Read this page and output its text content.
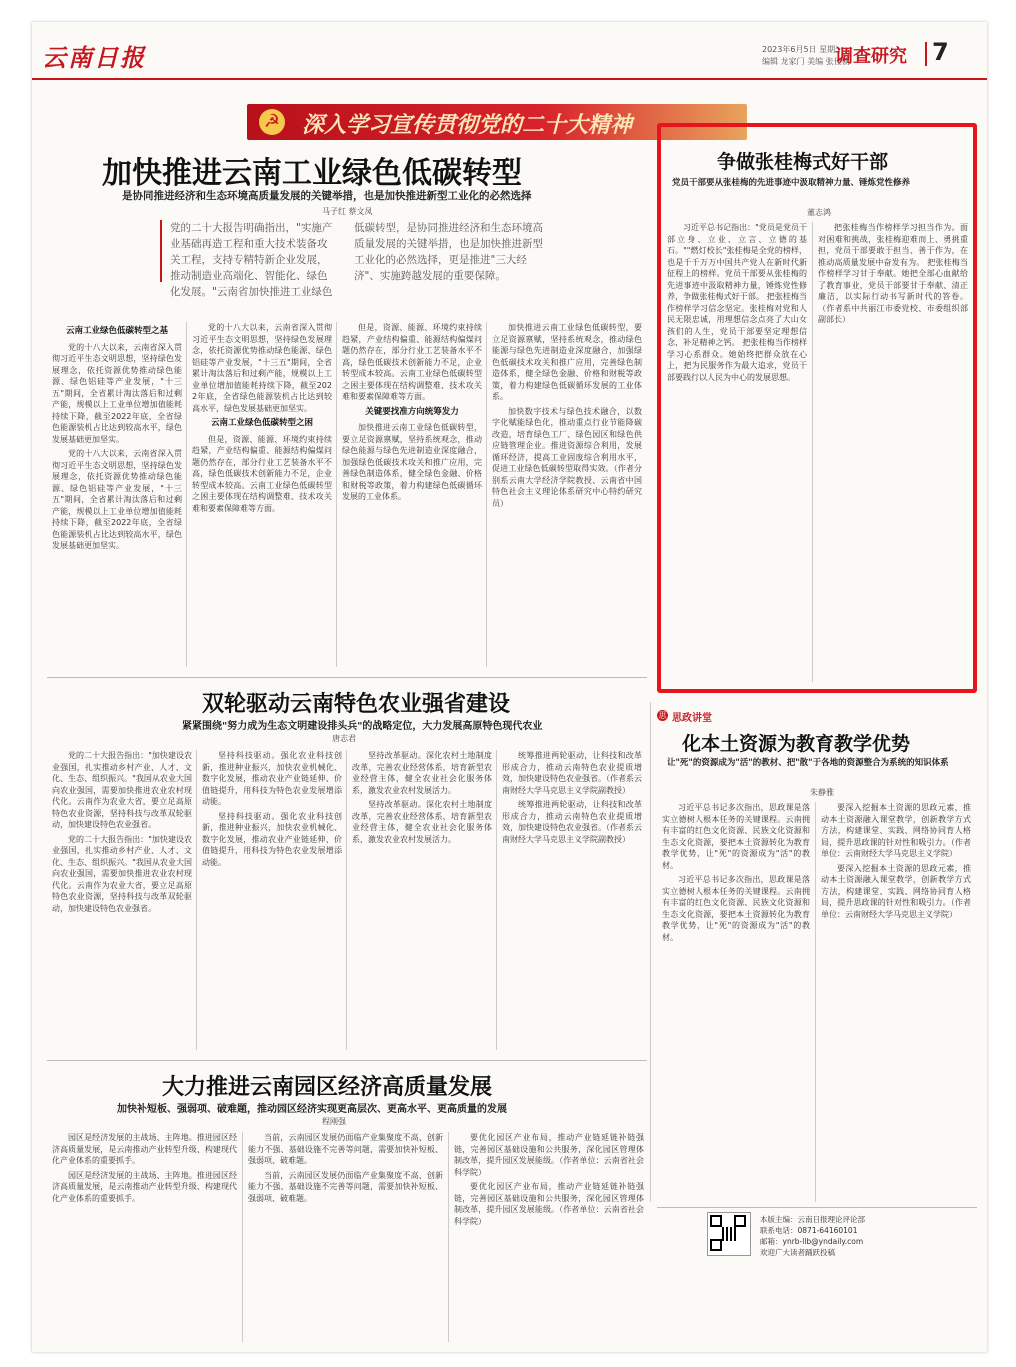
云南日报	2023年6月5日 星期一
编辑 龙家门 美编 张佳楠
调查研究 7
☭ 深入学习宣传贯彻党的二十大精神
加快推进云南工业绿色低碳转型
是协同推进经济和生态环境高质量发展的关键举措，也是加快推进新型工业化的必然选择
马子红 蔡文凤
党的二十大报告明确指出，"实施产业基础再造工程和重大技术装备攻关工程，支持专精特新企业发展，推动制造业高端化、智能化、绿色化发展。"云南省加快推进工业绿色
低碳转型，是协同推进经济和生态环境高质量发展的关键举措，也是加快推进新型工业化的必然选择，更是推进"三大经济"、实施跨越发展的重要保障。
云南工业绿色低碳转型之基

党的十八大以来，云南省深入贯彻习近平生态文明思想，坚持绿色发展理念，依托资源优势推动绿色能源、绿色铝硅等产业发展，"十三五"期间，全省累计淘汰落后和过剩产能，规模以上工业单位增加值能耗持续下降，截至2022年底，全省绿色能源装机占比达到较高水平，绿色发展基础更加坚实。

党的十八大以来，云南省深入贯彻习近平生态文明思想，坚持绿色发展理念，依托资源优势推动绿色能源、绿色铝硅等产业发展，"十三五"期间，全省累计淘汰落后和过剩产能，规模以上工业单位增加值能耗持续下降，截至2022年底，全省绿色能源装机占比达到较高水平，绿色发展基础更加坚实。

党的十八大以来，云南省深入贯彻习近平生态文明思想，坚持绿色发展理念，依托资源优势推动绿色能源、绿色铝硅等产业发展，"十三五"期间，全省累计淘汰落后和过剩产能，规模以上工业单位增加值能耗持续下降，截至2022年底，全省绿色能源装机占比达到较高水平，绿色发展基础更加坚实。

云南工业绿色低碳转型之困

但是，资源、能源、环境约束持续趋紧，产业结构偏重、能源结构偏煤问题仍然存在，部分行业工艺装备水平不高，绿色低碳技术创新能力不足，企业转型成本较高。云南工业绿色低碳转型之困主要体现在结构调整难、技术攻关难和要素保障难等方面。

但是，资源、能源、环境约束持续趋紧，产业结构偏重、能源结构偏煤问题仍然存在，部分行业工艺装备水平不高，绿色低碳技术创新能力不足，企业转型成本较高。云南工业绿色低碳转型之困主要体现在结构调整难、技术攻关难和要素保障难等方面。

关键要找准方向统筹发力

加快推进云南工业绿色低碳转型，要立足资源禀赋，坚持系统观念，推动绿色能源与绿色先进制造业深度融合，加强绿色低碳技术攻关和推广应用，完善绿色制造体系，健全绿色金融、价格和财税等政策，着力构建绿色低碳循环发展的工业体系。

加快推进云南工业绿色低碳转型，要立足资源禀赋，坚持系统观念，推动绿色能源与绿色先进制造业深度融合，加强绿色低碳技术攻关和推广应用，完善绿色制造体系，健全绿色金融、价格和财税等政策，着力构建绿色低碳循环发展的工业体系。

加快数字技术与绿色技术融合，以数字化赋能绿色化，推动重点行业节能降碳改造，培育绿色工厂、绿色园区和绿色供应链管理企业。推进资源综合利用，发展循环经济，提高工业固废综合利用水平，促进工业绿色低碳转型取得实效。（作者分别系云南大学经济学院教授、云南省中国特色社会主义理论体系研究中心特约研究员）

争做张桂梅式好干部
党员干部要从张桂梅的先进事迹中汲取精神力量、锤炼党性修养
董志鸿

习近平总书记指出："党员是党员干部立身、立业、立言、立德的基石。""燃灯校长"张桂梅是全党的榜样，也是千千万万中国共产党人在新时代新征程上的榜样。党员干部要从张桂梅的先进事迹中汲取精神力量，锤炼党性修养，争做张桂梅式好干部。 把张桂梅当作榜样学习信念坚定。张桂梅对党和人民无限忠诚，用理想信念点亮了大山女孩们的人生，党员干部要坚定理想信念，补足精神之钙。 把张桂梅当作榜样学习心系群众。她始终把群众放在心上，把为民服务作为最大追求，党员干部要践行以人民为中心的发展思想。

把张桂梅当作榜样学习担当作为。面对困难和挑战，张桂梅迎难而上、勇挑重担，党员干部要敢于担当、善于作为，在推动高质量发展中奋发有为。 把张桂梅当作榜样学习甘于奉献。她把全部心血献给了教育事业，党员干部要甘于奉献、清正廉洁，以实际行动书写新时代的答卷。 （作者系中共丽江市委党校、市委组织部副部长）

双轮驱动云南特色农业强省建设
紧紧围绕"努力成为生态文明建设排头兵"的战略定位，大力发展高原特色现代农业
唐志君

党的二十大报告指出："加快建设农业强国，扎实推动乡村产业、人才、文化、生态、组织振兴。"我国从农业大国向农业强国，需要加快推进农业农村现代化。云南作为农业大省，要立足高原特色农业资源，坚持科技与改革双轮驱动，加快建设特色农业强省。

党的二十大报告指出："加快建设农业强国，扎实推动乡村产业、人才、文化、生态、组织振兴。"我国从农业大国向农业强国，需要加快推进农业农村现代化。云南作为农业大省，要立足高原特色农业资源，坚持科技与改革双轮驱动，加快建设特色农业强省。

坚持科技驱动。强化农业科技创新，推进种业振兴，加快农业机械化、数字化发展，推动农业产业链延伸、价值链提升，用科技为特色农业发展增添动能。

坚持科技驱动。强化农业科技创新，推进种业振兴，加快农业机械化、数字化发展，推动农业产业链延伸、价值链提升，用科技为特色农业发展增添动能。

坚持改革驱动。深化农村土地制度改革，完善农业经营体系，培育新型农业经营主体，健全农业社会化服务体系，激发农业农村发展活力。

坚持改革驱动。深化农村土地制度改革，完善农业经营体系，培育新型农业经营主体，健全农业社会化服务体系，激发农业农村发展活力。

统筹推进两轮驱动，让科技和改革形成合力，推动云南特色农业提质增效，加快建设特色农业强省。（作者系云南财经大学马克思主义学院副教授）

统筹推进两轮驱动，让科技和改革形成合力，推动云南特色农业提质增效，加快建设特色农业强省。（作者系云南财经大学马克思主义学院副教授）

思 思政讲堂
化本土资源为教育教学优势
让"死"的资源成为"活"的教材、把"散"于各地的资源整合为系统的知识体系
朱静雅

习近平总书记多次指出，思政课是落实立德树人根本任务的关键课程。云南拥有丰富的红色文化资源、民族文化资源和生态文化资源，要把本土资源转化为教育教学优势，让"死"的资源成为"活"的教材。

习近平总书记多次指出，思政课是落实立德树人根本任务的关键课程。云南拥有丰富的红色文化资源、民族文化资源和生态文化资源，要把本土资源转化为教育教学优势，让"死"的资源成为"活"的教材。

要深入挖掘本土资源的思政元素，推动本土资源融入课堂教学，创新教学方式方法，构建课堂、实践、网络协同育人格局，提升思政课的针对性和吸引力。（作者单位：云南财经大学马克思主义学院）

要深入挖掘本土资源的思政元素，推动本土资源融入课堂教学，创新教学方式方法，构建课堂、实践、网络协同育人格局，提升思政课的针对性和吸引力。（作者单位：云南财经大学马克思主义学院）

大力推进云南园区经济高质量发展
加快补短板、强弱项、破难题，推动园区经济实现更高层次、更高水平、更高质量的发展
程刚强

园区是经济发展的主战场、主阵地。推进园区经济高质量发展，是云南推动产业转型升级、构建现代化产业体系的重要抓手。

园区是经济发展的主战场、主阵地。推进园区经济高质量发展，是云南推动产业转型升级、构建现代化产业体系的重要抓手。

当前，云南园区发展仍面临产业集聚度不高、创新能力不强、基础设施不完善等问题，需要加快补短板、强弱项、破难题。

当前，云南园区发展仍面临产业集聚度不高、创新能力不强、基础设施不完善等问题，需要加快补短板、强弱项、破难题。

要优化园区产业布局，推动产业链延链补链强链，完善园区基础设施和公共服务，深化园区管理体制改革，提升园区发展能级。（作者单位：云南省社会科学院）

要优化园区产业布局，推动产业链延链补链强链，完善园区基础设施和公共服务，深化园区管理体制改革，提升园区发展能级。（作者单位：云南省社会科学院）	本版主编：云南日报理论评论部
联系电话：0871-64160101
邮箱：ynrb-llb@yndaily.com
欢迎广大读者踊跃投稿
